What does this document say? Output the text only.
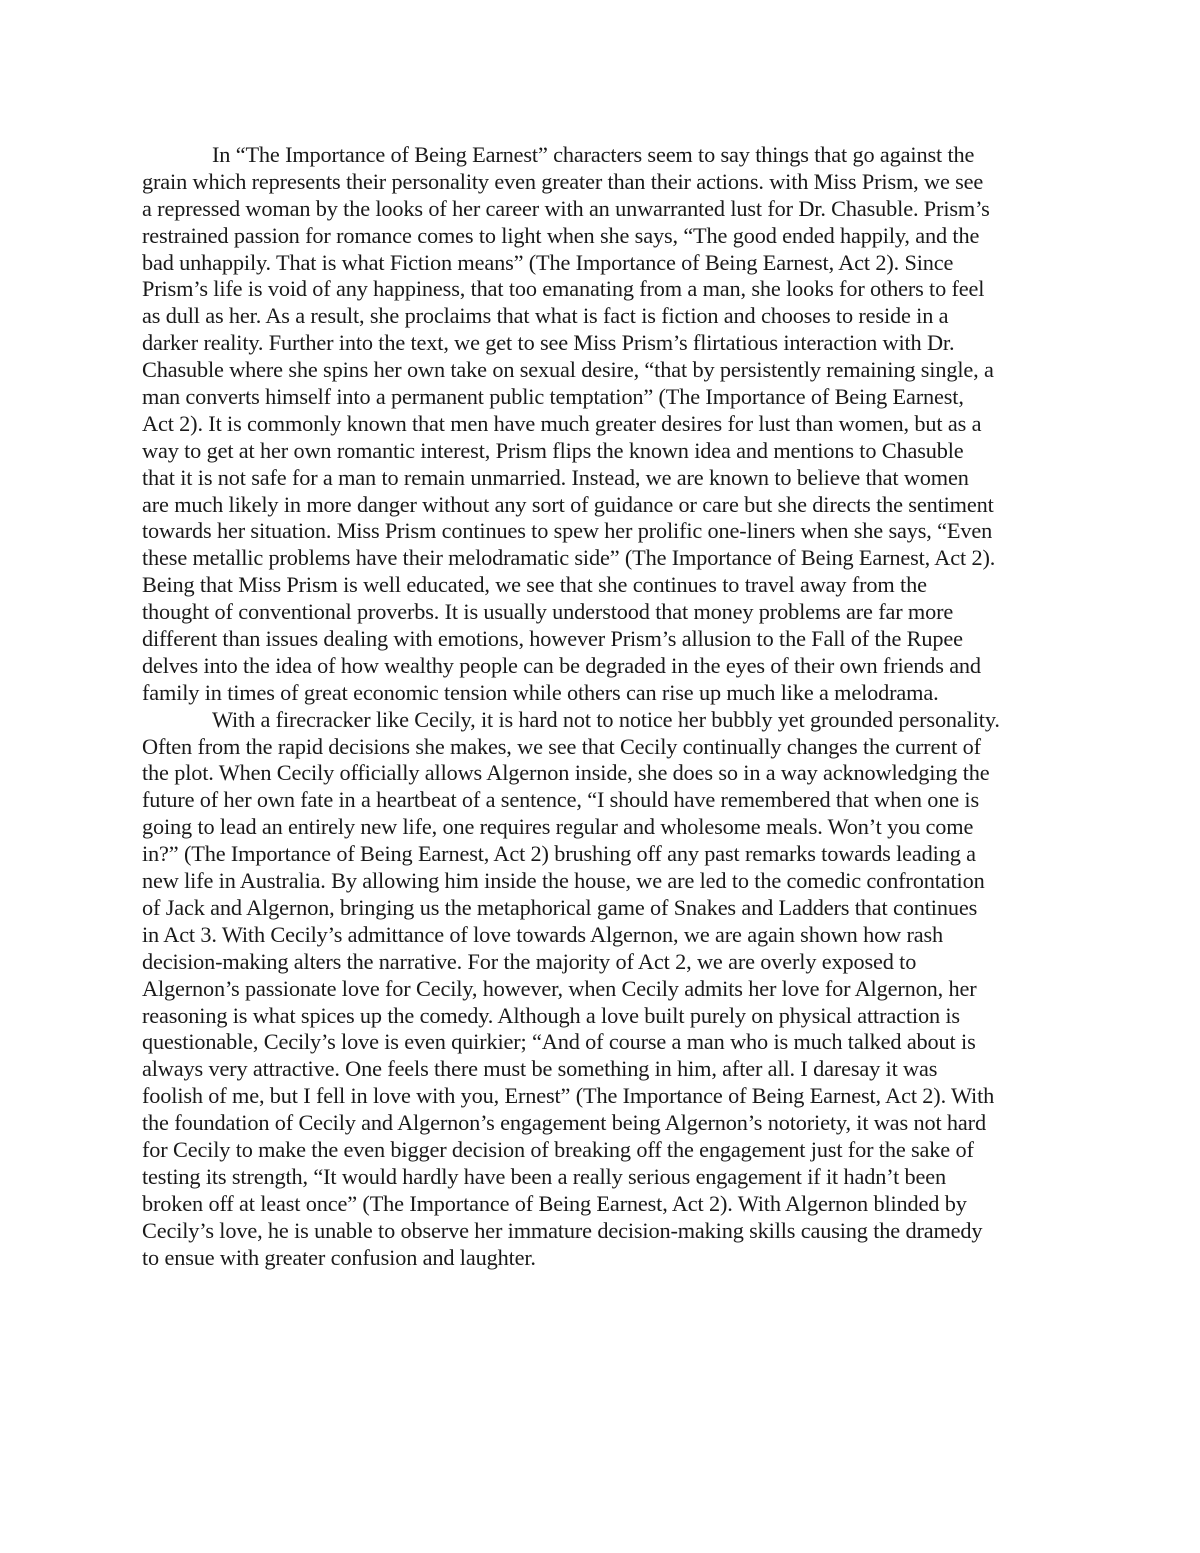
In “The Importance of Being Earnest” characters seem to say things that go against the
grain which represents their personality even greater than their actions. with Miss Prism, we see
a repressed woman by the looks of her career with an unwarranted lust for Dr. Chasuble. Prism’s
restrained passion for romance comes to light when she says, “The good ended happily, and the
bad unhappily. That is what Fiction means” (The Importance of Being Earnest, Act 2). Since
Prism’s life is void of any happiness, that too emanating from a man, she looks for others to feel
as dull as her. As a result, she proclaims that what is fact is fiction and chooses to reside in a
darker reality. Further into the text, we get to see Miss Prism’s flirtatious interaction with Dr.
Chasuble where she spins her own take on sexual desire, “that by persistently remaining single, a
man converts himself into a permanent public temptation” (The Importance of Being Earnest,
Act 2). It is commonly known that men have much greater desires for lust than women, but as a
way to get at her own romantic interest, Prism flips the known idea and mentions to Chasuble
that it is not safe for a man to remain unmarried. Instead, we are known to believe that women
are much likely in more danger without any sort of guidance or care but she directs the sentiment
towards her situation. Miss Prism continues to spew her prolific one-liners when she says, “Even
these metallic problems have their melodramatic side” (The Importance of Being Earnest, Act 2).
Being that Miss Prism is well educated, we see that she continues to travel away from the
thought of conventional proverbs. It is usually understood that money problems are far more
different than issues dealing with emotions, however Prism’s allusion to the Fall of the Rupee
delves into the idea of how wealthy people can be degraded in the eyes of their own friends and
family in times of great economic tension while others can rise up much like a melodrama.
With a firecracker like Cecily, it is hard not to notice her bubbly yet grounded personality.
Often from the rapid decisions she makes, we see that Cecily continually changes the current of
the plot. When Cecily officially allows Algernon inside, she does so in a way acknowledging the
future of her own fate in a heartbeat of a sentence, “I should have remembered that when one is
going to lead an entirely new life, one requires regular and wholesome meals. Won’t you come
in?” (The Importance of Being Earnest, Act 2) brushing off any past remarks towards leading a
new life in Australia. By allowing him inside the house, we are led to the comedic confrontation
of Jack and Algernon, bringing us the metaphorical game of Snakes and Ladders that continues
in Act 3. With Cecily’s admittance of love towards Algernon, we are again shown how rash
decision-making alters the narrative. For the majority of Act 2, we are overly exposed to
Algernon’s passionate love for Cecily, however, when Cecily admits her love for Algernon, her
reasoning is what spices up the comedy. Although a love built purely on physical attraction is
questionable, Cecily’s love is even quirkier; “And of course a man who is much talked about is
always very attractive. One feels there must be something in him, after all. I daresay it was
foolish of me, but I fell in love with you, Ernest” (The Importance of Being Earnest, Act 2). With
the foundation of Cecily and Algernon’s engagement being Algernon’s notoriety, it was not hard
for Cecily to make the even bigger decision of breaking off the engagement just for the sake of
testing its strength, “It would hardly have been a really serious engagement if it hadn’t been
broken off at least once” (The Importance of Being Earnest, Act 2). With Algernon blinded by
Cecily’s love, he is unable to observe her immature decision-making skills causing the dramedy
to ensue with greater confusion and laughter.
